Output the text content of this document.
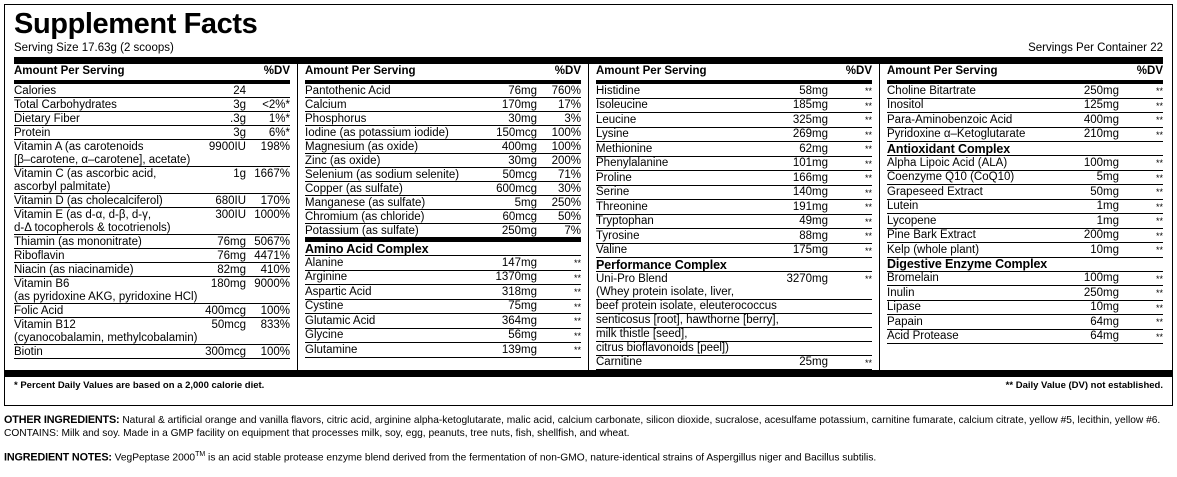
Supplement Facts
Serving Size 17.63g (2 scoops)	Servings Per Container 22
Amount Per Serving	%DV
Calories	24	
Total Carbohydrates	3g	<2%*
Dietary Fiber	.3g	1%*
Protein	3g	6%*
Vitamin A (as carotenoids	9900IU	198%
[β–carotene, α–carotene], acetate)		
Vitamin C (as ascorbic acid,	1g	1667%
ascorbyl palmitate)		
Vitamin D (as cholecalciferol)	680IU	170%
Vitamin E (as d-α, d-β, d-γ,	300IU	1000%
d-Δ tocopherols & tocotrienols)		
Thiamin (as mononitrate)	76mg	5067%
Riboflavin	76mg	4471%
Niacin (as niacinamide)	82mg	410%
Vitamin B6	180mg	9000%
(as pyridoxine AKG, pyridoxine HCl)		
Folic Acid	400mcg	100%
Vitamin B12	50mcg	833%
(cyanocobalamin, methylcobalamin)		
Biotin	300mcg	100%
Amount Per Serving	%DV
Pantothenic Acid	76mg	760%
Calcium	170mg	17%
Phosphorus	30mg	3%
Iodine (as potassium iodide)	150mcg	100%
Magnesium (as oxide)	400mg	100%
Zinc (as oxide)	30mg	200%
Selenium (as sodium selenite)	50mcg	71%
Copper (as sulfate)	600mcg	30%
Manganese (as sulfate)	5mg	250%
Chromium (as chloride)	60mcg	50%
Potassium (as sulfate)	250mg	7%
Amino Acid Complex		
Alanine	147mg	**
Arginine	1370mg	**
Aspartic Acid	318mg	**
Cystine	75mg	**
Glutamic Acid	364mg	**
Glycine	56mg	**
Glutamine	139mg	**
Amount Per Serving	%DV
Histidine	58mg	**
Isoleucine	185mg	**
Leucine	325mg	**
Lysine	269mg	**
Methionine	62mg	**
Phenylalanine	101mg	**
Proline	166mg	**
Serine	140mg	**
Threonine	191mg	**
Tryptophan	49mg	**
Tyrosine	88mg	**
Valine	175mg	**
Performance Complex		
Uni-Pro Blend	3270mg	**
(Whey protein isolate, liver,		
beef protein isolate, eleuterococcus		
senticosus [root], hawthorne [berry],		
milk thistle [seed],		
citrus bioflavonoids [peel])		
Carnitine	25mg	**
Amount Per Serving	%DV
Choline Bitartrate	250mg	**
Inositol	125mg	**
Para-Aminobenzoic Acid	400mg	**
Pyridoxine α–Ketoglutarate	210mg	**
Antioxidant Complex		
Alpha Lipoic Acid (ALA)	100mg	**
Coenzyme Q10 (CoQ10)	5mg	**
Grapeseed Extract	50mg	**
Lutein	1mg	**
Lycopene	1mg	**
Pine Bark Extract	200mg	**
Kelp (whole plant)	10mg	**
Digestive Enzyme Complex		
Bromelain	100mg	**
Inulin	250mg	**
Lipase	10mg	**
Papain	64mg	**
Acid Protease	64mg	**
* Percent Daily Values are based on a 2,000 calorie diet.	** Daily Value (DV) not established.

OTHER INGREDIENTS: Natural & artificial orange and vanilla flavors, citric acid, arginine alpha-ketoglutarate, malic acid, calcium carbonate, silicon dioxide, sucralose, acesulfame potassium, carnitine fumarate, calcium citrate, yellow #5, lecithin, yellow #6. CONTAINS: Milk and soy. Made in a GMP facility on equipment that processes milk, soy, egg, peanuts, tree nuts, fish, shellfish, and wheat.

INGREDIENT NOTES: VegPeptase 2000™ is an acid stable protease enzyme blend derived from the fermentation of non-GMO, nature-identical strains of Aspergillus niger and Bacillus subtilis.
